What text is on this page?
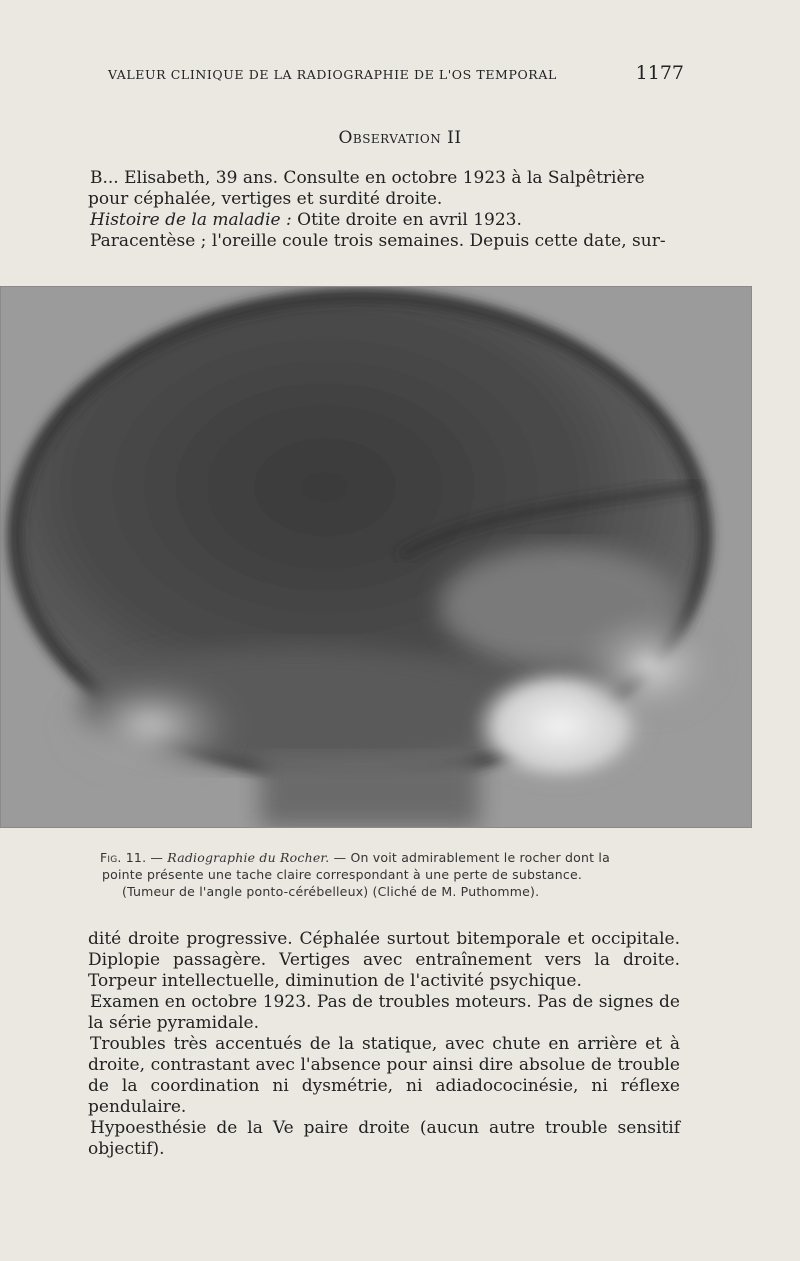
VALEUR CLINIQUE DE LA RADIOGRAPHIE DE L'OS TEMPORAL	1177
Observation II

B... Elisabeth, 39 ans. Consulte en octobre 1923 à la Salpêtrière

pour céphalée, vertiges et surdité droite.

Histoire de la maladie : Otite droite en avril 1923.

Paracentèse ; l'oreille coule trois semaines. Depuis cette date, sur-

Fig. 11. — Radiographie du Rocher. — On voit admirablement le rocher dont la
pointe présente une tache claire correspondant à une perte de substance.
(Tumeur de l'angle ponto-cérébelleux) (Cliché de M. Puthomme).

dité droite progressive. Céphalée surtout bitemporale et occipitale. Diplopie passagère. Vertiges avec entraînement vers la droite. Torpeur intellectuelle, diminution de l'activité psychique.

Examen en octobre 1923. Pas de troubles moteurs. Pas de signes de la série pyramidale.

Troubles très accentués de la statique, avec chute en arrière et à droite, contrastant avec l'absence pour ainsi dire absolue de trouble de la coordination ni dysmétrie, ni adiadococinésie, ni réflexe pendulaire.

Hypoesthésie de la Ve paire droite (aucun autre trouble sensitif objectif).
